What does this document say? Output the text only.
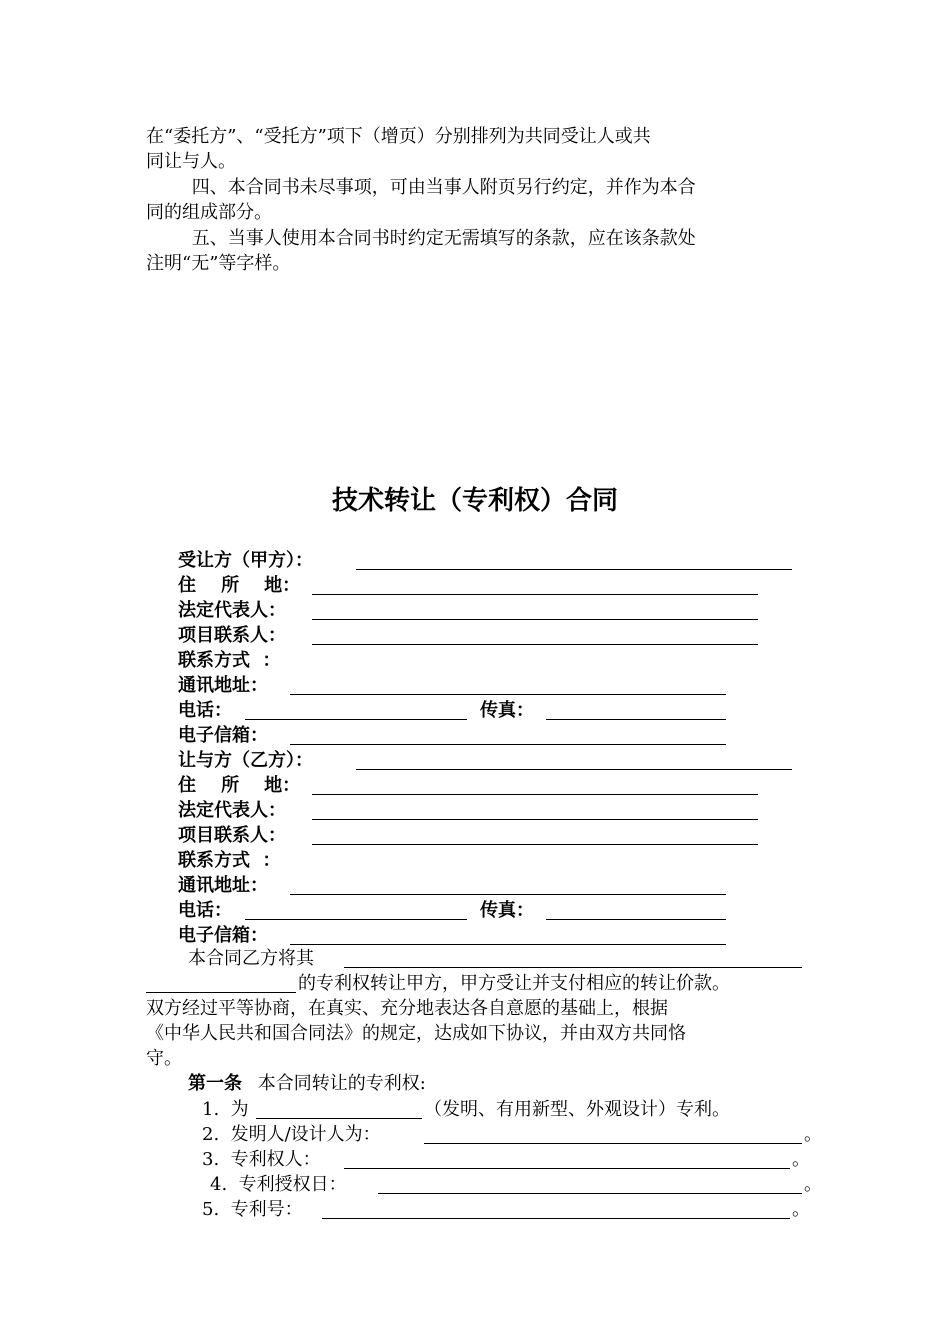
在“委托方”、“受托方”项下（增页）分别排列为共同受让人或共
同让与人。
四、本合同书未尽事项，可由当事人附页另行约定，并作为本合
同的组成部分。
五、当事人使用本合同书时约定无需填写的条款，应在该条款处
注明“无”等字样。
技术转让（专利权）合同
受让方（甲方）：
住    所    地：
法定代表人：
项目联系人：
联系方式  ：
通讯地址：
电话：	传真：
电子信箱：
让与方（乙方）：
住    所    地：
法定代表人：
项目联系人：
联系方式  ：
通讯地址：
电话：	传真：
电子信箱：
本合同乙方将其
的专利权转让甲方，甲方受让并支付相应的转让价款。
双方经过平等协商，在真实、充分地表达各自意愿的基础上，根据
《中华人民共和国合同法》的规定，达成如下协议，并由双方共同恪
守。
第一条 本合同转让的专利权:
1.  为	（发明、有用新型、外观设计）专利。
2.  发明人/设计人为：	。
3.  专利权人：	。
4.  专利授权日：	。
5.  专利号：	。
